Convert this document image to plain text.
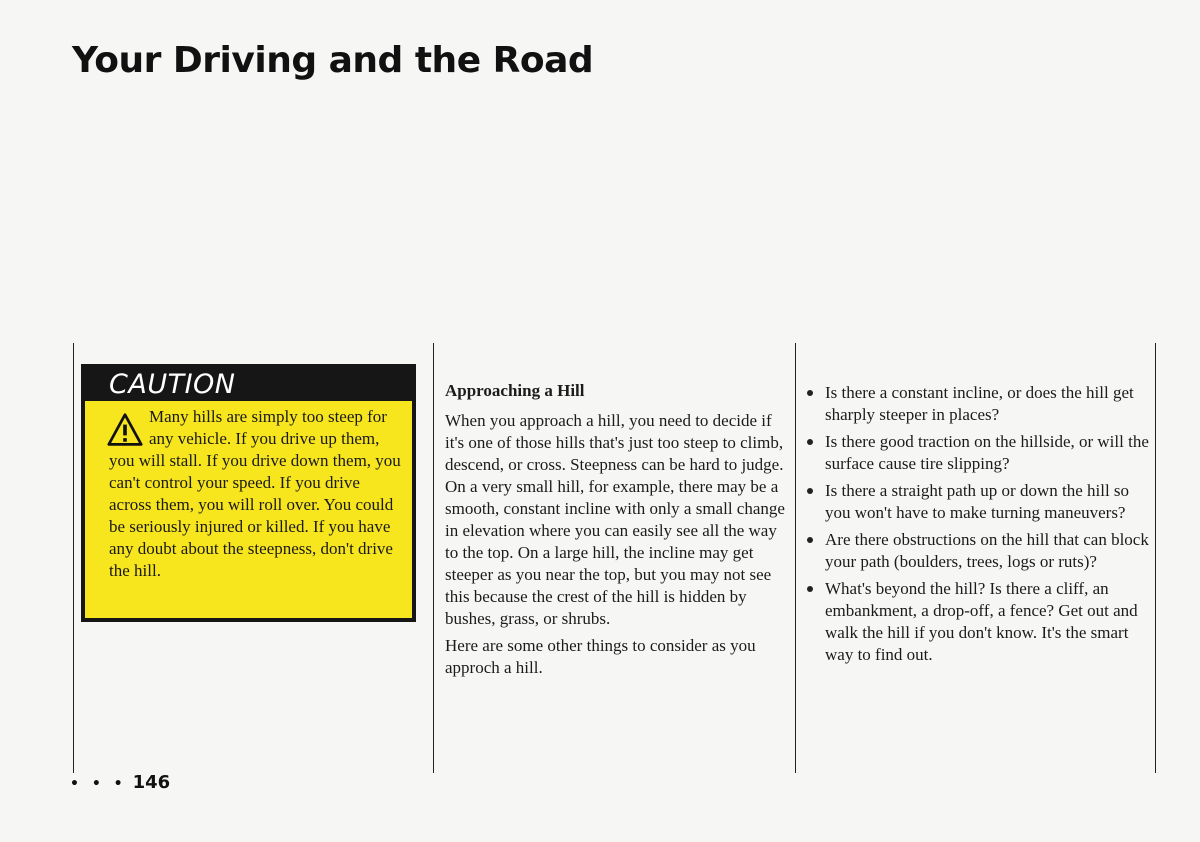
Your Driving and the Road
CAUTION
Many hills are simply too steep for any vehicle. If you drive up them, you will stall. If you drive down them, you can't control your speed. If you drive across them, you will roll over. You could be seriously injured or killed. If you have any doubt about the steepness, don't drive the hill.
Approaching a Hill

When you approach a hill, you need to decide if it's one of those hills that's just too steep to climb, descend, or cross. Steepness can be hard to judge. On a very small hill, for example, there may be a smooth, constant incline with only a small change in elevation where you can easily see all the way to the top. On a large hill, the incline may get steeper as you near the top, but you may not see this because the crest of the hill is hidden by bushes, grass, or shrubs.

Here are some other things to consider as you approch a hill.

Is there a constant incline, or does the hill get sharply steeper in places?
Is there good traction on the hillside, or will the surface cause tire slipping?
Is there a straight path up or down the hill so you won't have to make turning maneuvers?
Are there obstructions on the hill that can block your path (boulders, trees, logs or ruts)?
What's beyond the hill? Is there a cliff, an embankment, a drop-off, a fence? Get out and walk the hill if you don't know. It's the smart way to find out.
• • • 146
